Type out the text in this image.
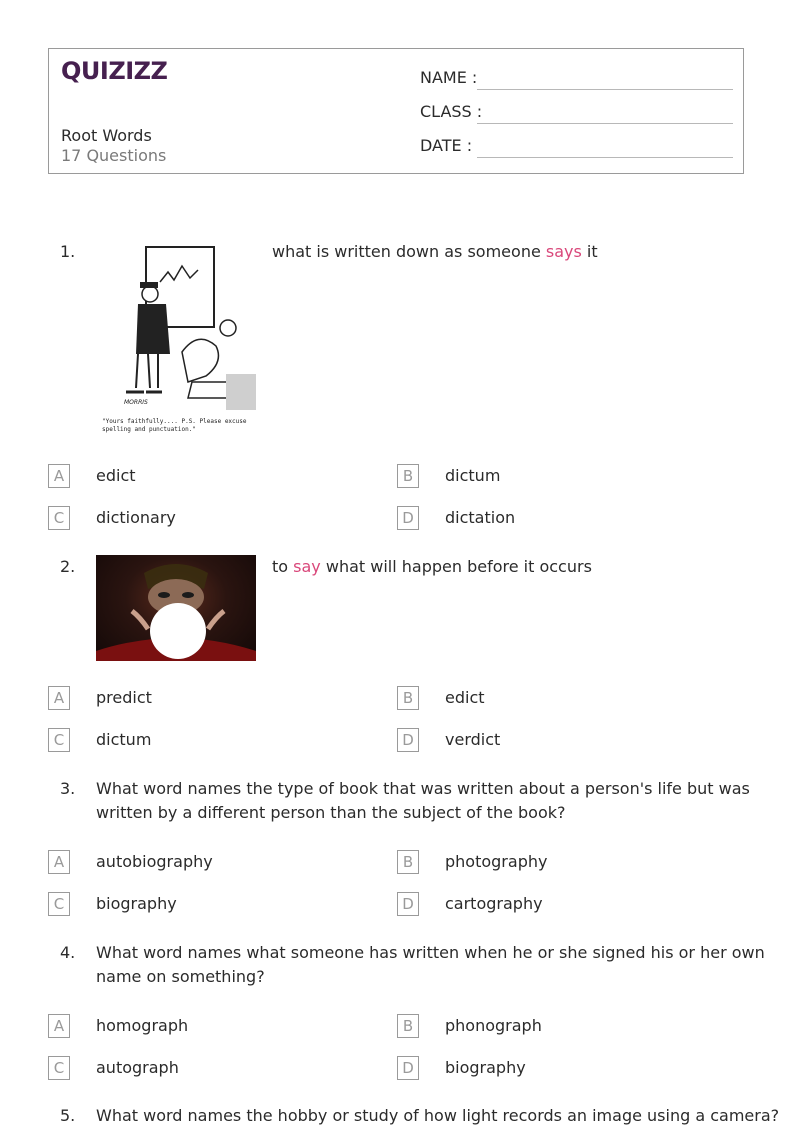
QUIZIZZ
Root Words
17 Questions
NAME :
CLASS :
DATE :
1.
MORRIS
"Yours faithfully.... P.S. Please excuse spelling and punctuation."
what is written down as someone says it
A	edict	B	dictum
C	dictionary	D	dictation
2.	to say what will happen before it occurs
A	predict	B	edict
C	dictum	D	verdict
3. What word names the type of book that was written about a person's life but was
written by a different person than the subject of the book?
A	autobiography	B	photography
C	biography	D	cartography
4. What word names what someone has written when he or she signed his or her own
name on something?
A	homograph	B	phonograph
C	autograph	D	biography
5. What word names the hobby or study of how light records an image using a camera?
